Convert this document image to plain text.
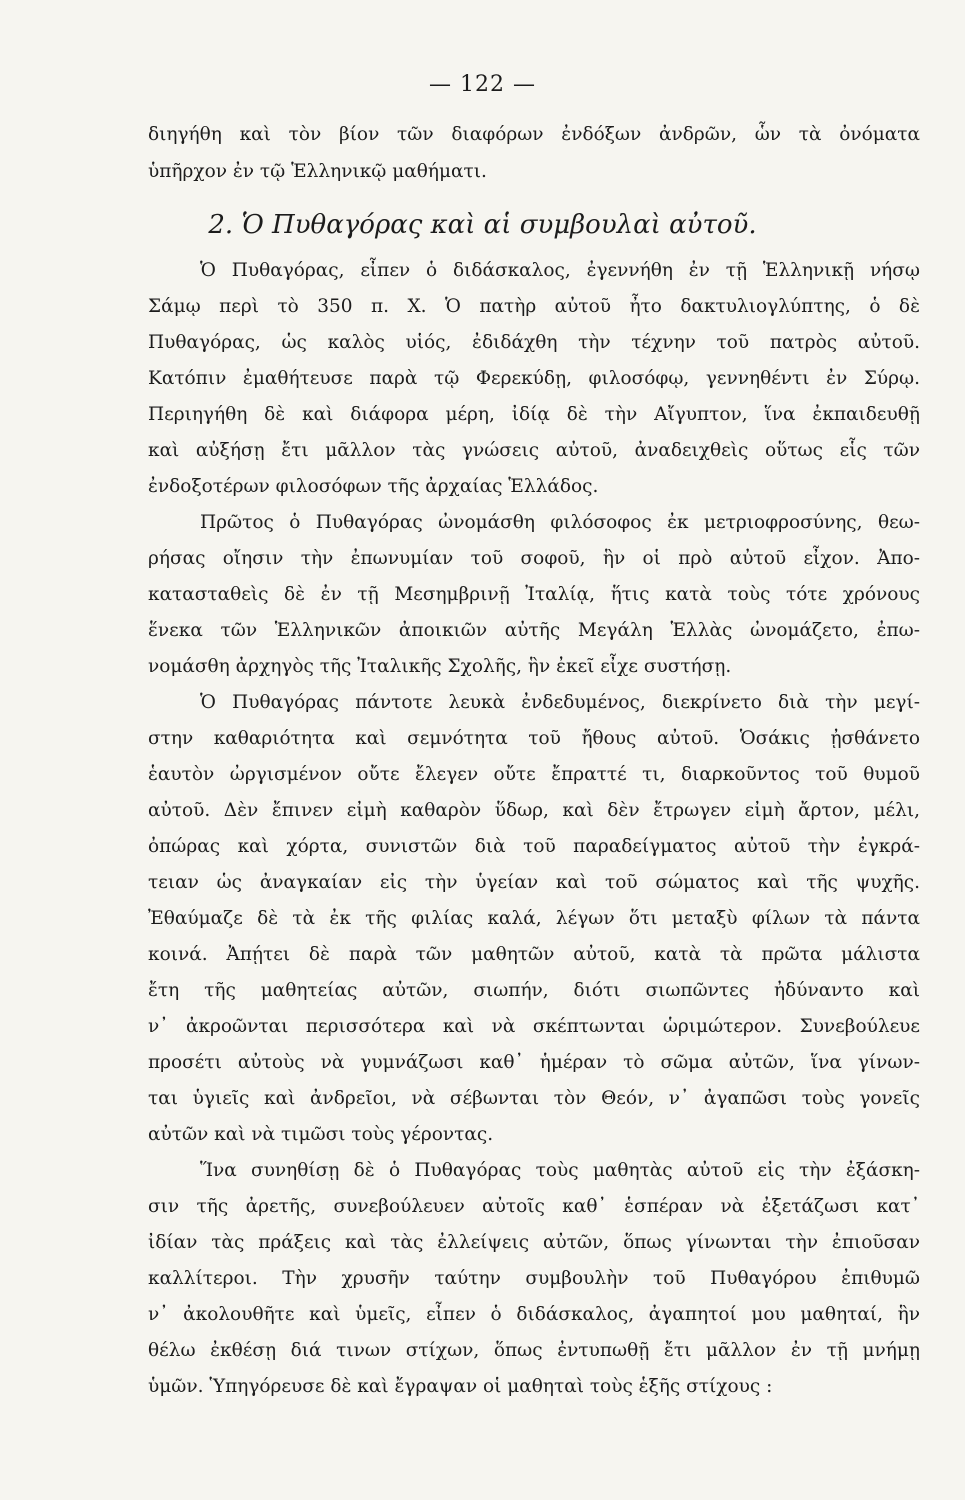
— 122 —
διηγήθη καὶ τὸν βίον τῶν διαφόρων ἐνδόξων ἀνδρῶν, ὧν τὰ ὀνόματα
ὑπῆρχον ἐν τῷ Ἑλληνικῷ μαθήματι.
2. Ὁ Πυθαγόρας καὶ αἱ συμβουλαὶ αὐτοῦ.
Ὁ Πυθαγόρας, εἶπεν ὁ διδάσκαλος, ἐγεννήθη ἐν τῇ Ἑλληνικῇ νήσῳ
Σάμῳ περὶ τὸ 350 π. Χ. Ὁ πατὴρ αὐτοῦ ἦτο δακτυλιογλύπτης, ὁ δὲ
Πυθαγόρας, ὡς καλὸς υἱός, ἐδιδάχθη τὴν τέχνην τοῦ πατρὸς αὐτοῦ.
Κατόπιν ἐμαθήτευσε παρὰ τῷ Φερεκύδῃ, φιλοσόφῳ, γεννηθέντι ἐν Σύρῳ.
Περιηγήθη δὲ καὶ διάφορα μέρη, ἰδίᾳ δὲ τὴν Αἴγυπτον, ἵνα ἐκπαιδευθῇ
καὶ αὐξήσῃ ἔτι μᾶλλον τὰς γνώσεις αὐτοῦ, ἀναδειχθεὶς οὕτως εἷς τῶν
ἐνδοξοτέρων φιλοσόφων τῆς ἀρχαίας Ἑλλάδος.
Πρῶτος ὁ Πυθαγόρας ὠνομάσθη φιλόσοφος ἐκ μετριοφροσύνης, θεω-
ρήσας οἴησιν τὴν ἐπωνυμίαν τοῦ σοφοῦ, ἣν οἱ πρὸ αὐτοῦ εἶχον. Ἀπο-
κατασταθεὶς δὲ ἐν τῇ Μεσημβρινῇ Ἰταλίᾳ, ἥτις κατὰ τοὺς τότε χρόνους
ἕνεκα τῶν Ἑλληνικῶν ἀποικιῶν αὐτῆς Μεγάλη Ἑλλὰς ὠνομάζετο, ἐπω-
νομάσθη ἀρχηγὸς τῆς Ἰταλικῆς Σχολῆς, ἣν ἐκεῖ εἶχε συστήσῃ.
Ὁ Πυθαγόρας πάντοτε λευκὰ ἐνδεδυμένος, διεκρίνετο διὰ τὴν μεγί-
στην καθαριότητα καὶ σεμνότητα τοῦ ἤθους αὐτοῦ. Ὁσάκις ᾐσθάνετο
ἑαυτὸν ὠργισμένον οὔτε ἔλεγεν οὔτε ἔπραττέ τι, διαρκοῦντος τοῦ θυμοῦ
αὐτοῦ. Δὲν ἔπινεν εἰμὴ καθαρὸν ὕδωρ, καὶ δὲν ἔτρωγεν εἰμὴ ἄρτον, μέλι,
ὀπώρας καὶ χόρτα, συνιστῶν διὰ τοῦ παραδείγματος αὐτοῦ τὴν ἐγκρά-
τειαν ὡς ἀναγκαίαν εἰς τὴν ὑγείαν καὶ τοῦ σώματος καὶ τῆς ψυχῆς.
Ἐθαύμαζε δὲ τὰ ἐκ τῆς φιλίας καλά, λέγων ὅτι μεταξὺ φίλων τὰ πάντα
κοινά. Ἀπῄτει δὲ παρὰ τῶν μαθητῶν αὐτοῦ, κατὰ τὰ πρῶτα μάλιστα
ἔτη τῆς μαθητείας αὐτῶν, σιωπήν, διότι σιωπῶντες ἠδύναντο καὶ
ν᾽ ἀκροῶνται περισσότερα καὶ νὰ σκέπτωνται ὡριμώτερον. Συνεβούλευε
προσέτι αὐτοὺς νὰ γυμνάζωσι καθ᾽ ἡμέραν τὸ σῶμα αὐτῶν, ἵνα γίνων-
ται ὑγιεῖς καὶ ἀνδρεῖοι, νὰ σέβωνται τὸν Θεόν, ν᾽ ἀγαπῶσι τοὺς γονεῖς
αὐτῶν καὶ νὰ τιμῶσι τοὺς γέροντας.
Ἵνα συνηθίσῃ δὲ ὁ Πυθαγόρας τοὺς μαθητὰς αὐτοῦ εἰς τὴν ἐξάσκη-
σιν τῆς ἀρετῆς, συνεβούλευεν αὐτοῖς καθ᾽ ἑσπέραν νὰ ἐξετάζωσι κατ᾽
ἰδίαν τὰς πράξεις καὶ τὰς ἐλλείψεις αὐτῶν, ὅπως γίνωνται τὴν ἐπιοῦσαν
καλλίτεροι. Τὴν χρυσῆν ταύτην συμβουλὴν τοῦ Πυθαγόρου ἐπιθυμῶ
ν᾽ ἀκολουθῆτε καὶ ὑμεῖς, εἶπεν ὁ διδάσκαλος, ἀγαπητοί μου μαθηταί, ἣν
θέλω ἐκθέσῃ διά τινων στίχων, ὅπως ἐντυπωθῇ ἔτι μᾶλλον ἐν τῇ μνήμῃ
ὑμῶν. Ὑπηγόρευσε δὲ καὶ ἔγραψαν οἱ μαθηταὶ τοὺς ἑξῆς στίχους :
